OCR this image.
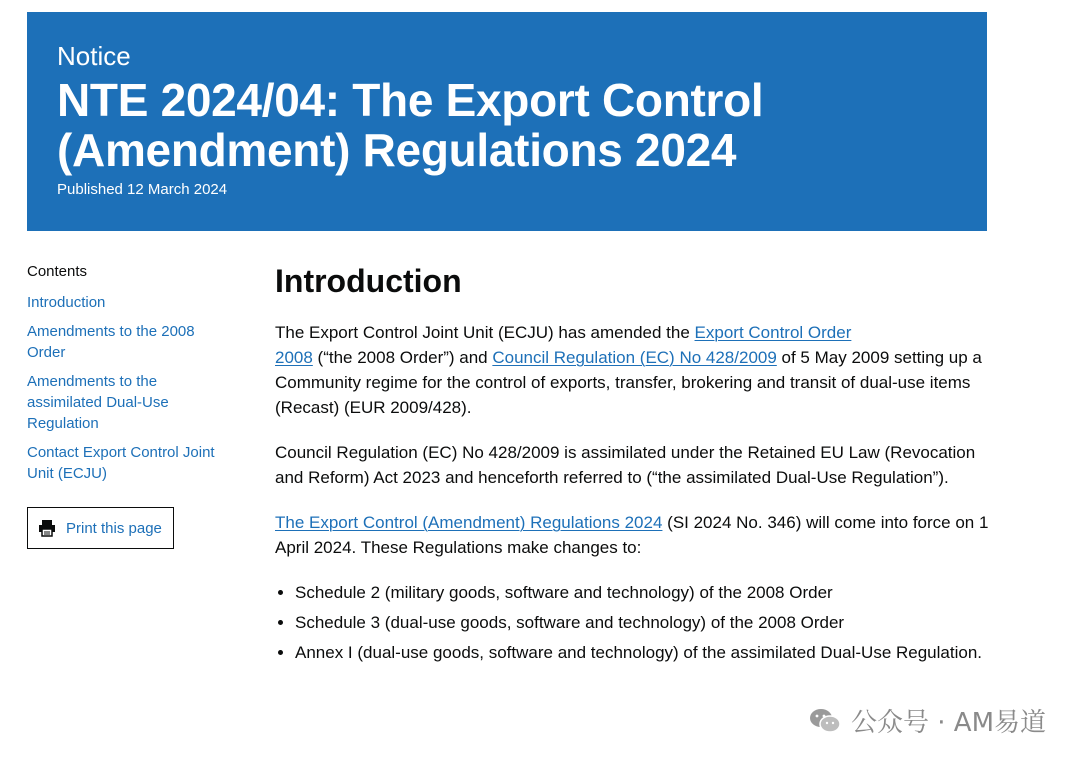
Notice

NTE 2024/04: The Export Control
(Amendment) Regulations 2024
Published 12 March 2024

Contents

Introduction
Amendments to the 2008
Order
Amendments to the
assimilated Dual-Use
Regulation
Contact Export Control Joint
Unit (ECJU)
Print this page
Introduction

The Export Control Joint Unit (ECJU) has amended the Export Control Order
2008 (“the 2008 Order”) and Council Regulation (EC) No 428/2009 of 5 May 2009 setting up a Community regime for the control of exports, transfer, brokering and transit of dual-use items (Recast) (EUR 2009/428).

Council Regulation (EC) No 428/2009 is assimilated under the Retained EU Law (Revocation and Reform) Act 2023 and henceforth referred to (“the assimilated Dual-Use Regulation”).

The Export Control (Amendment) Regulations 2024 (SI 2024 No. 346) will come into force on 1 April 2024. These Regulations make changes to:

• Schedule 2 (military goods, software and technology) of the 2008 Order
• Schedule 3 (dual-use goods, software and technology) of the 2008 Order
• Annex I (dual-use goods, software and technology) of the assimilated Dual-Use Regulation.
公众号 · AM易道
